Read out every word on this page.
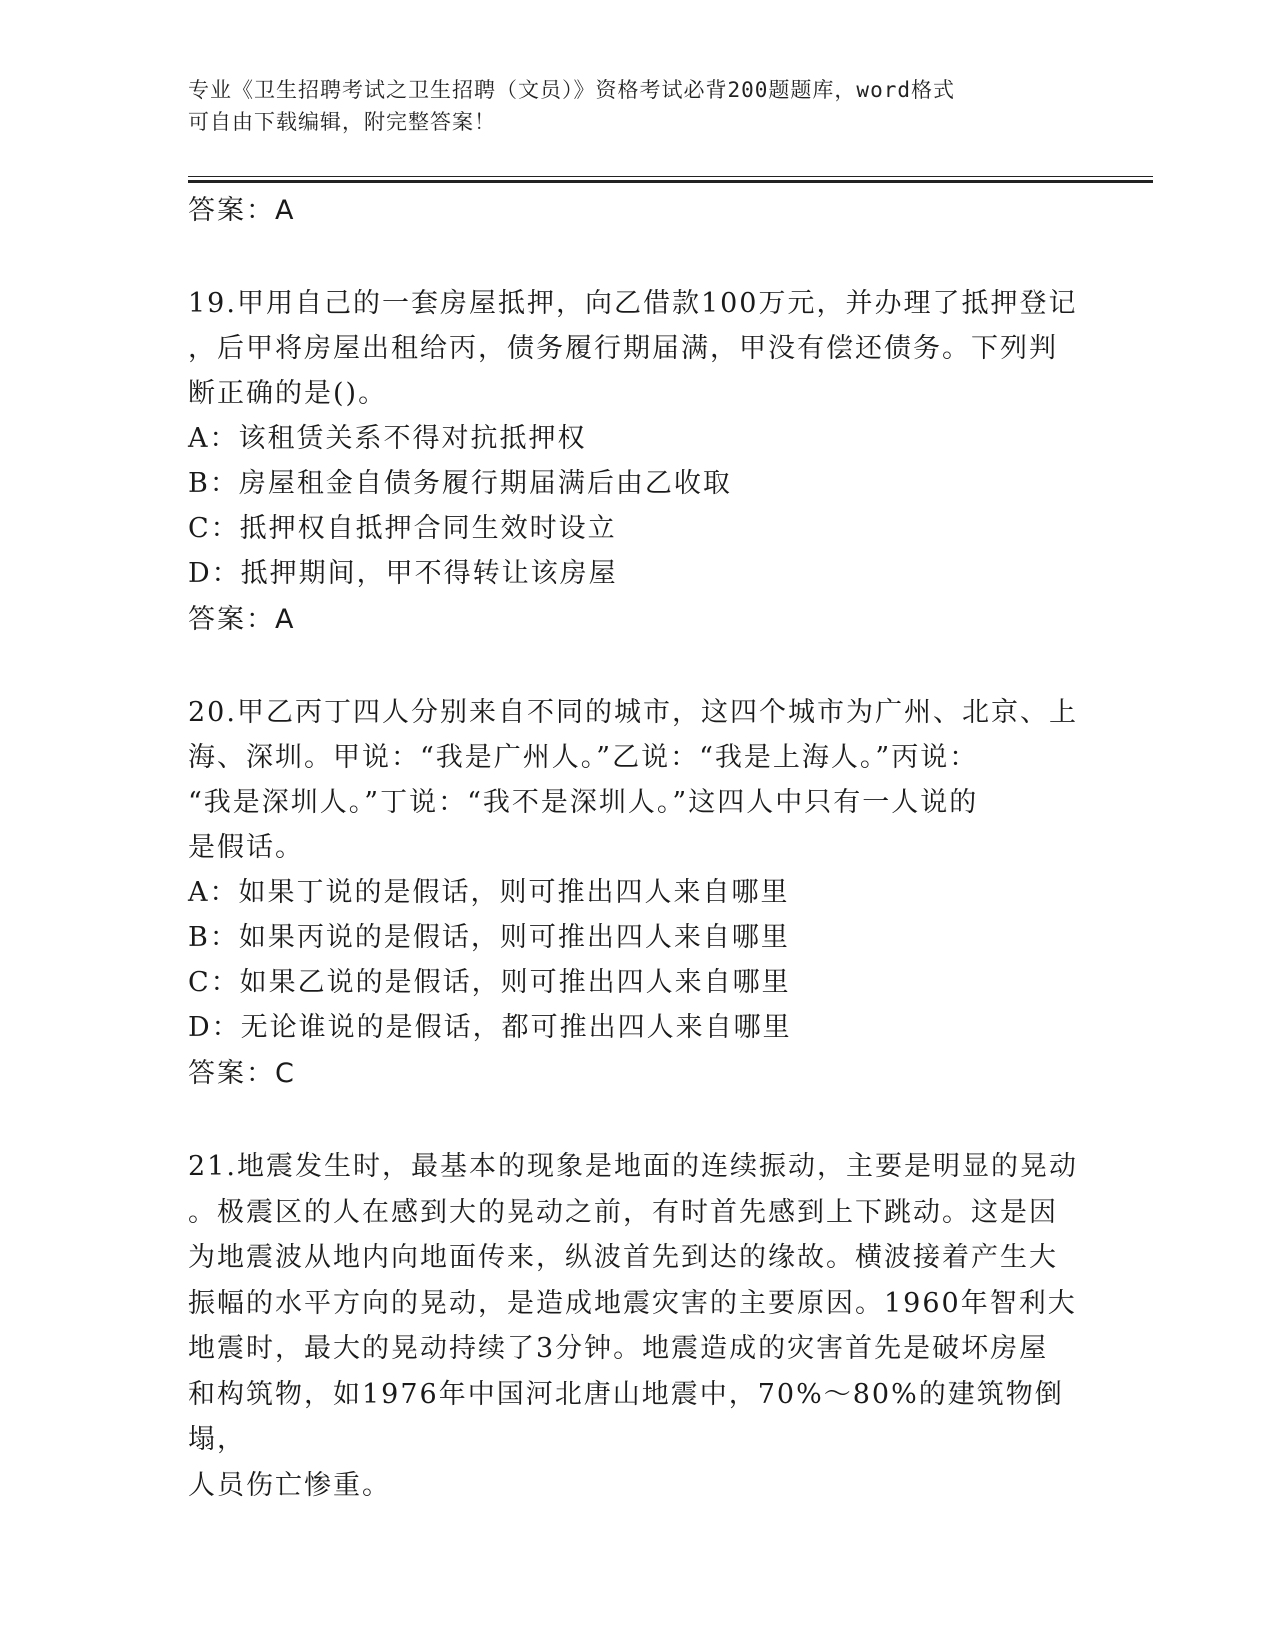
专业《卫生招聘考试之卫生招聘（文员）》资格考试必背200题题库，word格式
可自由下载编辑，附完整答案！
答案：A
19.甲用自己的一套房屋抵押，向乙借款100万元，并办理了抵押登记
，后甲将房屋出租给丙，债务履行期届满，甲没有偿还债务。下列判
断正确的是()。
A：该租赁关系不得对抗抵押权
B：房屋租金自债务履行期届满后由乙收取
C：抵押权自抵押合同生效时设立
D：抵押期间，甲不得转让该房屋
答案：A
20.甲乙丙丁四人分别来自不同的城市，这四个城市为广州、北京、上
海、深圳。甲说：“我是广州人。”乙说：“我是上海人。”丙说：
“我是深圳人。”丁说：“我不是深圳人。”这四人中只有一人说的
是假话。
A：如果丁说的是假话，则可推出四人来自哪里
B：如果丙说的是假话，则可推出四人来自哪里
C：如果乙说的是假话，则可推出四人来自哪里
D：无论谁说的是假话，都可推出四人来自哪里
答案：C
21.地震发生时，最基本的现象是地面的连续振动，主要是明显的晃动
。极震区的人在感到大的晃动之前，有时首先感到上下跳动。这是因
为地震波从地内向地面传来，纵波首先到达的缘故。横波接着产生大
振幅的水平方向的晃动，是造成地震灾害的主要原因。1960年智利大
地震时，最大的晃动持续了3分钟。地震造成的灾害首先是破坏房屋
和构筑物，如1976年中国河北唐山地震中，70%～80%的建筑物倒塌，
人员伤亡惨重。
